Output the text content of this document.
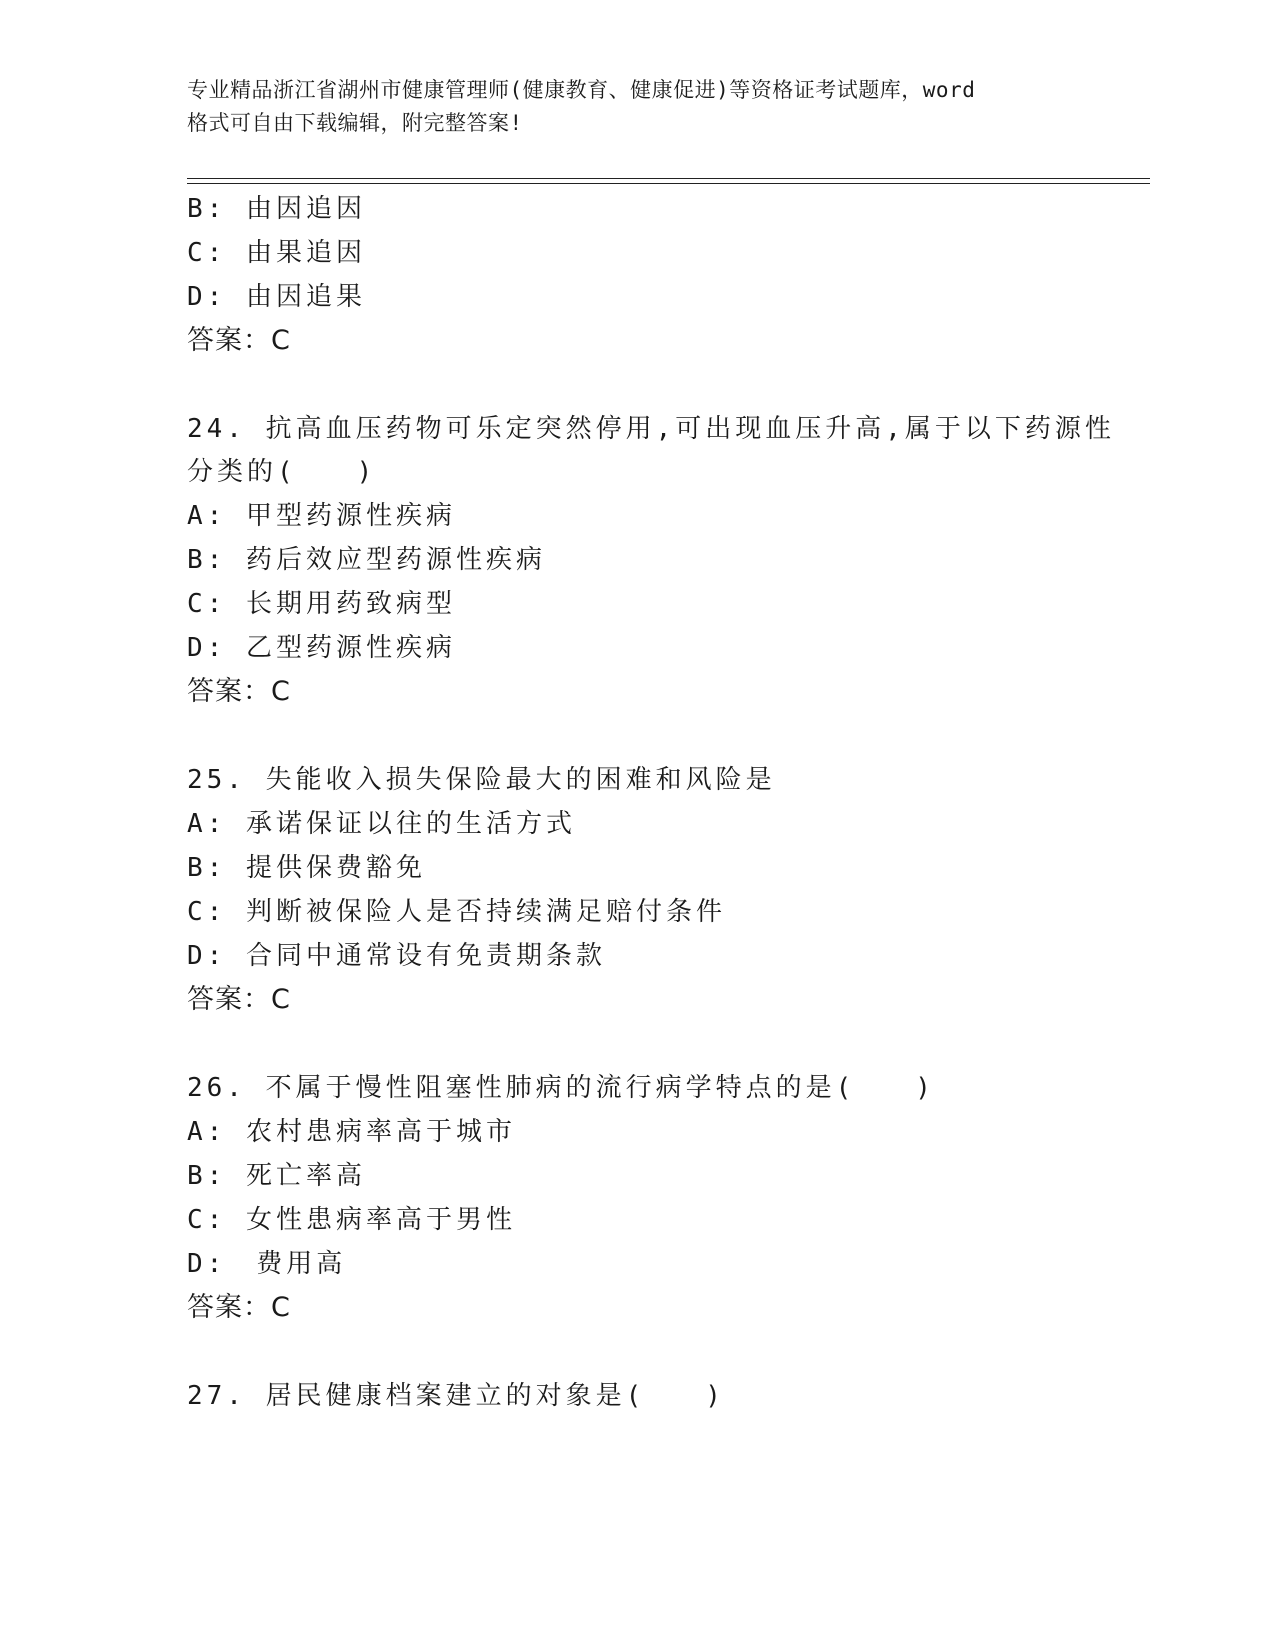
专业精品浙江省湖州市健康管理师(健康教育、健康促进)等资格证考试题库，word
格式可自由下载编辑，附完整答案!
B: 由因追因
C: 由果追因
D: 由因追果
答案：C
24. 抗高血压药物可乐定突然停用,可出现血压升高,属于以下药源性
分类的(　　)
A: 甲型药源性疾病
B: 药后效应型药源性疾病
C: 长期用药致病型
D: 乙型药源性疾病
答案：C
25. 失能收入损失保险最大的困难和风险是
A: 承诺保证以往的生活方式
B: 提供保费豁免
C: 判断被保险人是否持续满足赔付条件
D: 合同中通常设有免责期条款
答案：C
26. 不属于慢性阻塞性肺病的流行病学特点的是(　　)
A: 农村患病率高于城市
B: 死亡率高
C: 女性患病率高于男性
D:　费用高
答案：C
27. 居民健康档案建立的对象是(　　)
